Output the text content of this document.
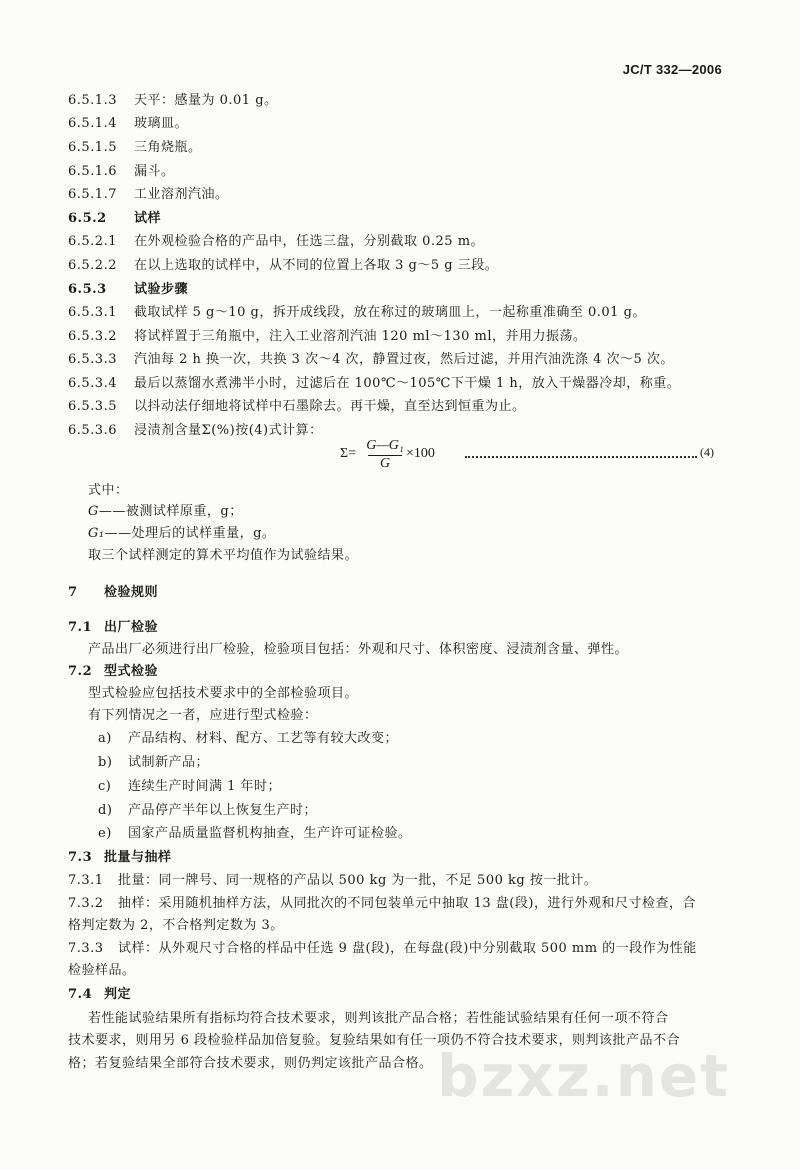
JC/T 332—2006
6.5.1.3 天平：感量为 0.01 g。
6.5.1.4 玻璃皿。
6.5.1.5 三角烧瓶。
6.5.1.6 漏斗。
6.5.1.7 工业溶剂汽油。
6.5.2 试样
6.5.2.1 在外观检验合格的产品中，任选三盘，分别截取 0.25 m。
6.5.2.2 在以上选取的试样中，从不同的位置上各取 3 g～5 g 三段。
6.5.3 试验步骤
6.5.3.1 截取试样 5 g～10 g，拆开成线段，放在称过的玻璃皿上，一起称重准确至 0.01 g。
6.5.3.2 将试样置于三角瓶中，注入工业溶剂汽油 120 ml～130 ml，并用力振荡。
6.5.3.3 汽油每 2 h 换一次，共换 3 次～4 次，静置过夜，然后过滤，并用汽油洗涤 4 次～5 次。
6.5.3.4 最后以蒸馏水煮沸半小时，过滤后在 100℃～105℃下干燥 1 h，放入干燥器冷却，称重。
6.5.3.5 以抖动法仔细地将试样中石墨除去。再干燥，直至达到恒重为止。
6.5.3.6 浸渍剂含量Σ(%)按(4)式计算：
Σ=
G—G₁
G
×100	(4)
式中：
G——被测试样原重，g；
G₁——处理后的试样重量，g。
取三个试样测定的算术平均值作为试验结果。
7 检验规则
7.1 出厂检验
产品出厂必须进行出厂检验，检验项目包括：外观和尺寸、体积密度、浸渍剂含量、弹性。
7.2 型式检验
型式检验应包括技术要求中的全部检验项目。
有下列情况之一者，应进行型式检验：
a) 产品结构、材料、配方、工艺等有较大改变；
b) 试制新产品；
c) 连续生产时间满 1 年时；
d) 产品停产半年以上恢复生产时；
e) 国家产品质量监督机构抽查，生产许可证检验。
7.3 批量与抽样
7.3.1 批量：同一牌号、同一规格的产品以 500 kg 为一批，不足 500 kg 按一批计。
7.3.2 抽样：采用随机抽样方法，从同批次的不同包装单元中抽取 13 盘(段)，进行外观和尺寸检查，合
格判定数为 2，不合格判定数为 3。
7.3.3 试样：从外观尺寸合格的样品中任选 9 盘(段)，在每盘(段)中分别截取 500 mm 的一段作为性能
检验样品。
7.4 判定
若性能试验结果所有指标均符合技术要求，则判该批产品合格；若性能试验结果有任何一项不符合
技术要求，则用另 6 段检验样品加倍复验。复验结果如有任一项仍不符合技术要求，则判该批产品不合
格；若复验结果全部符合技术要求，则仍判定该批产品合格。 bzxz.net
